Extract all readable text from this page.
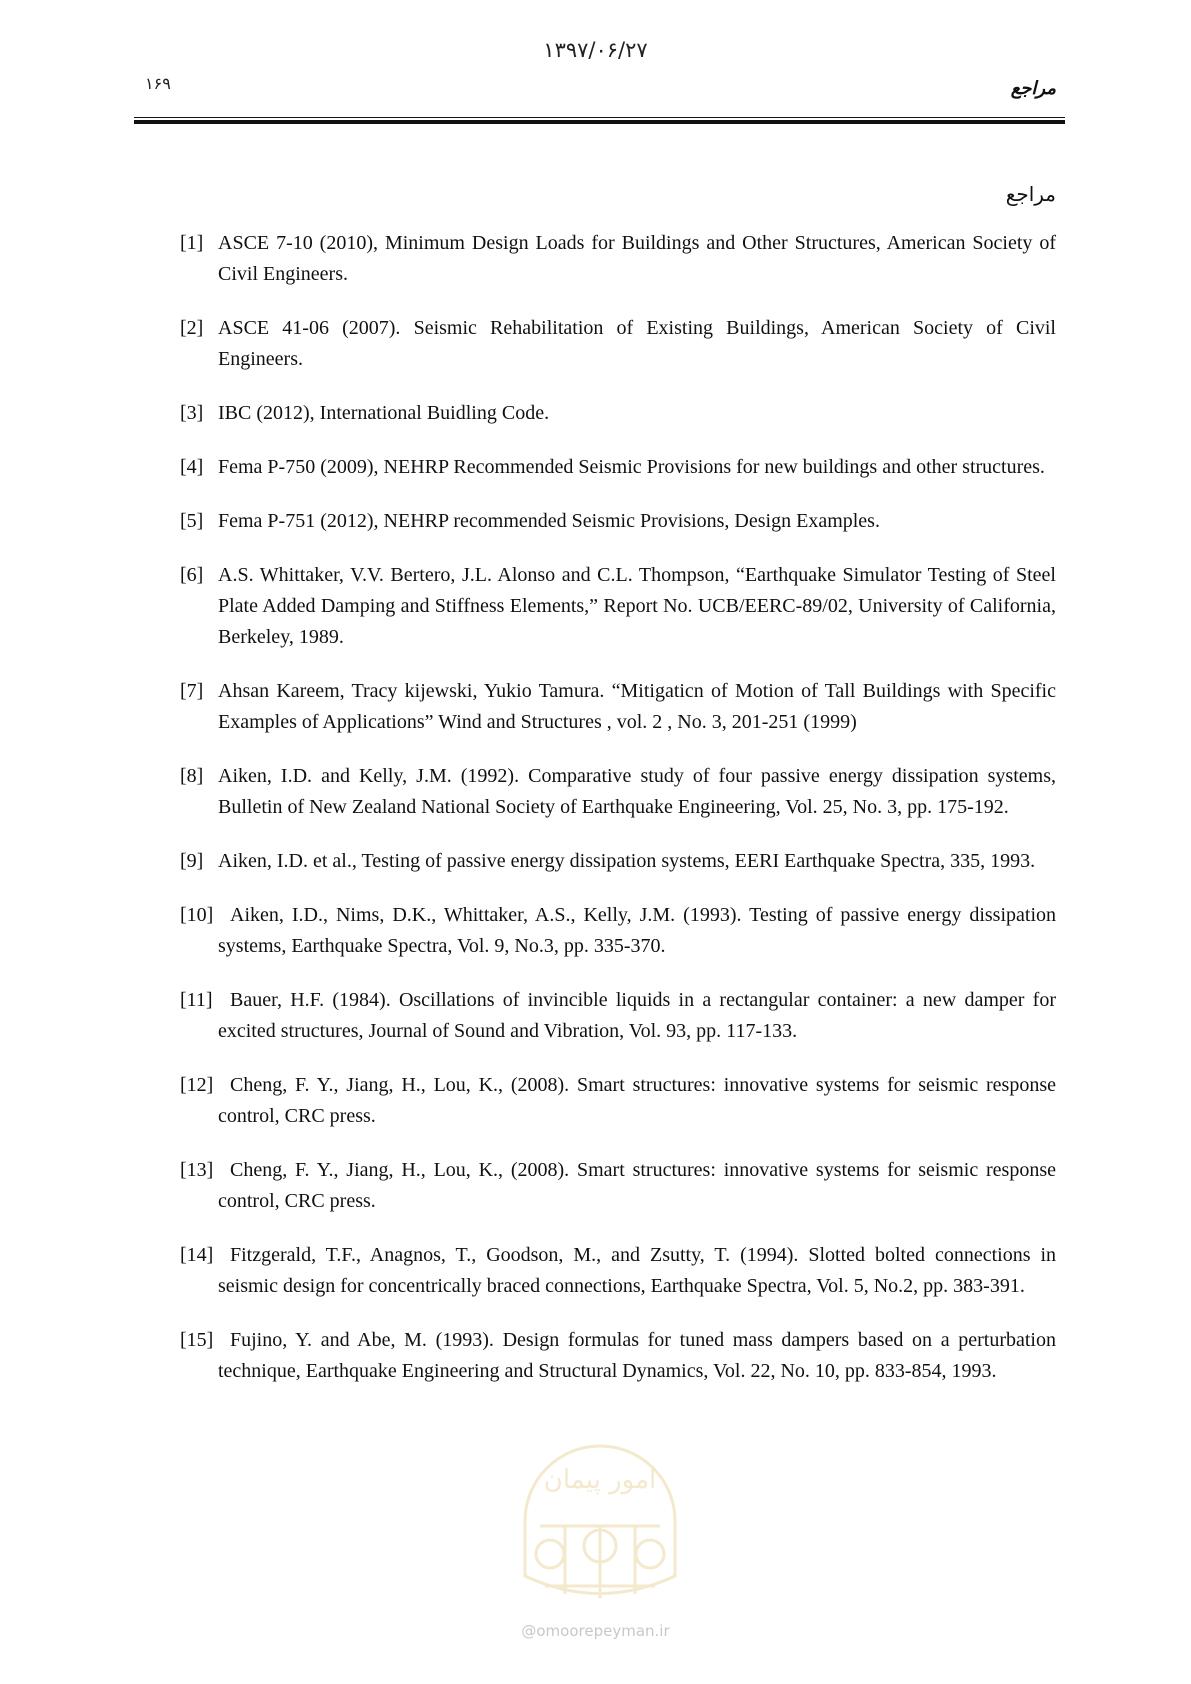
۱۳۹۷/۰۶/۲۷
۱۶۹	مراجع
مراجع
[1] ASCE 7-10 (2010), Minimum Design Loads for Buildings and Other Structures, American Society of Civil Engineers.
[2] ASCE 41-06 (2007). Seismic Rehabilitation of Existing Buildings, American Society of Civil Engineers.
[3] IBC (2012), International Buidling Code.
[4] Fema P-750 (2009), NEHRP Recommended Seismic Provisions for new buildings and other structures.
[5] Fema P-751 (2012), NEHRP recommended Seismic Provisions, Design Examples.
[6] A.S. Whittaker, V.V. Bertero, J.L. Alonso and C.L. Thompson, “Earthquake Simulator Testing of Steel Plate Added Damping and Stiffness Elements,” Report No. UCB/EERC-89/02, University of California, Berkeley, 1989.
[7] Ahsan Kareem, Tracy kijewski, Yukio Tamura. “Mitigaticn of Motion of Tall Buildings with Specific Examples of Applications” Wind and Structures , vol. 2 , No. 3, 201-251 (1999)
[8] Aiken, I.D. and Kelly, J.M. (1992). Comparative study of four passive energy dissipation systems, Bulletin of New Zealand National Society of Earthquake Engineering, Vol. 25, No. 3, pp. 175-192.
[9] Aiken, I.D. et al., Testing of passive energy dissipation systems, EERI Earthquake Spectra, 335, 1993.
[10] Aiken, I.D., Nims, D.K., Whittaker, A.S., Kelly, J.M. (1993). Testing of passive energy dissipation systems, Earthquake Spectra, Vol. 9, No.3, pp. 335-370.
[11] Bauer, H.F. (1984). Oscillations of invincible liquids in a rectangular container: a new damper for excited structures, Journal of Sound and Vibration, Vol. 93, pp. 117-133.
[12] Cheng, F. Y., Jiang, H., Lou, K., (2008). Smart structures: innovative systems for seismic response control, CRC press.
[13] Cheng, F. Y., Jiang, H., Lou, K., (2008). Smart structures: innovative systems for seismic response control, CRC press.
[14] Fitzgerald, T.F., Anagnos, T., Goodson, M., and Zsutty, T. (1994). Slotted bolted connections in seismic design for concentrically braced connections, Earthquake Spectra, Vol. 5, No.2, pp. 383-391.
[15] Fujino, Y. and Abe, M. (1993). Design formulas for tuned mass dampers based on a perturbation technique, Earthquake Engineering and Structural Dynamics, Vol. 22, No. 10, pp. 833-854, 1993.
امور پیمان
@omoorepeyman.ir
